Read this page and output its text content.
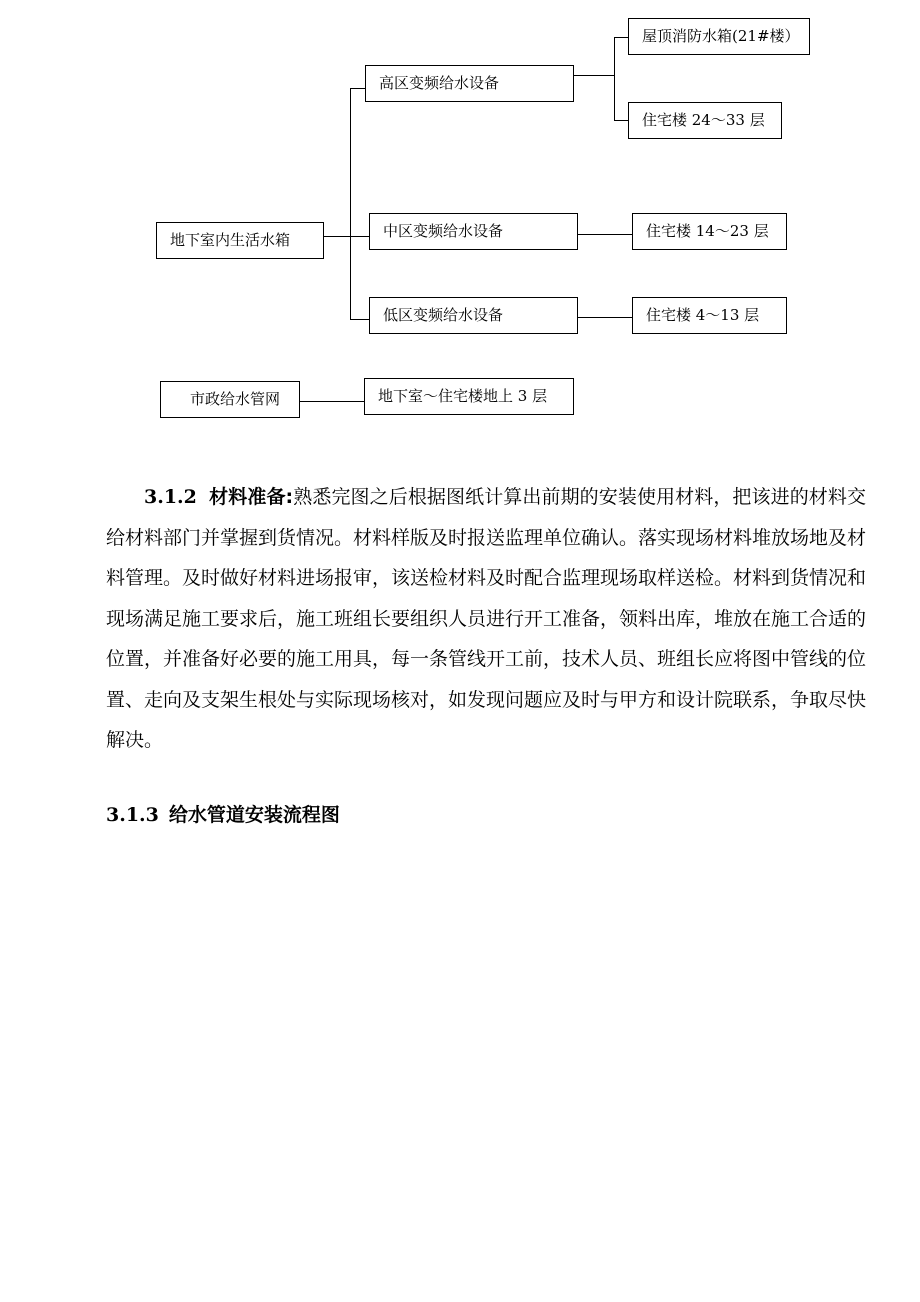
地下室内生活水箱
高区变频给水设备
中区变频给水设备
低区变频给水设备
屋顶消防水箱(21#楼）
住宅楼 24～33 层
住宅楼 14～23 层
住宅楼 4～13 层
市政给水管网	地下室～住宅楼地上 3 层

3.1.2 材料准备:熟悉完图之后根据图纸计算出前期的安装使用材料，把该进的材料交给材料部门并掌握到货情况。材料样版及时报送监理单位确认。落实现场材料堆放场地及材料管理。及时做好材料进场报审，该送检材料及时配合监理现场取样送检。材料到货情况和现场满足施工要求后，施工班组长要组织人员进行开工准备，领料出库，堆放在施工合适的位置，并准备好必要的施工用具，每一条管线开工前，技术人员、班组长应将图中管线的位置、走向及支架生根处与实际现场核对，如发现问题应及时与甲方和设计院联系，争取尽快解决。

3.1.3 给水管道安装流程图
